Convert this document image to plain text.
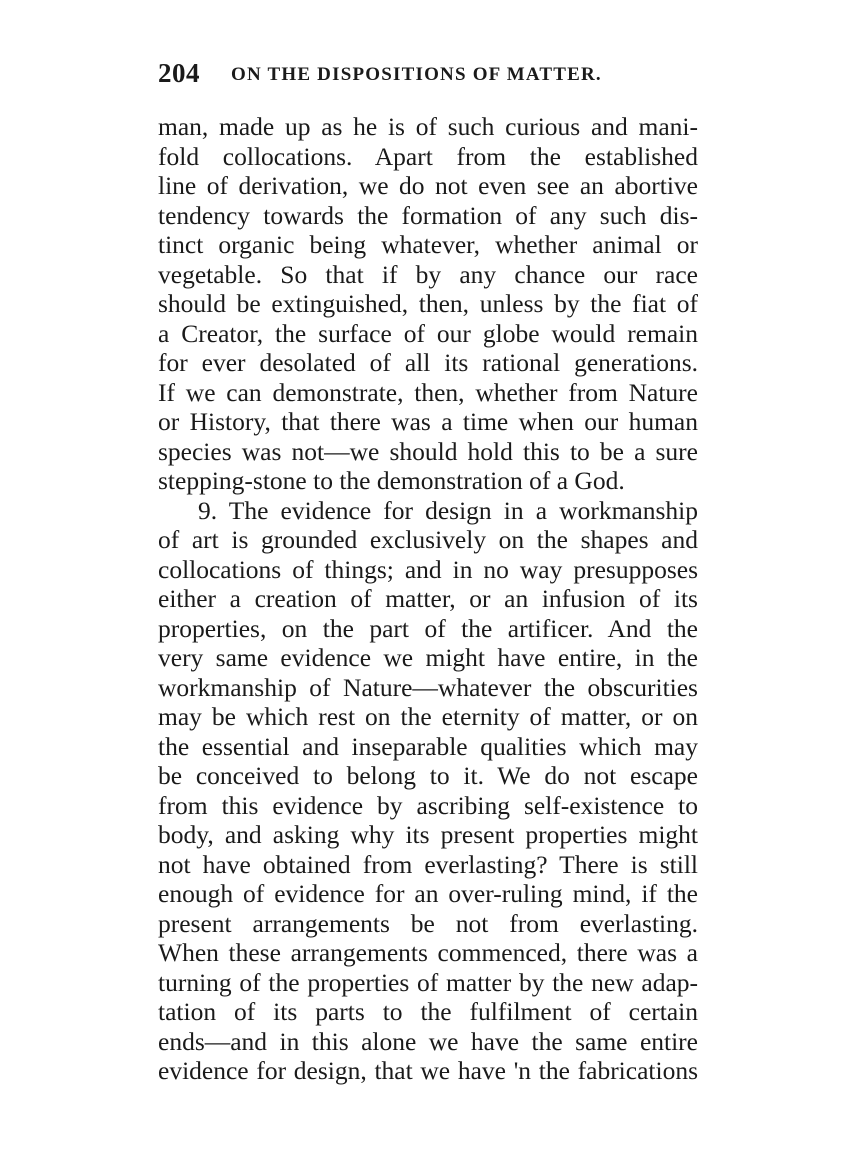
204 ON THE DISPOSITIONS OF MATTER.
man, made up as he is of such curious and mani-
fold collocations. Apart from the established
line of derivation, we do not even see an abortive
tendency towards the formation of any such dis-
tinct organic being whatever, whether animal or
vegetable. So that if by any chance our race
should be extinguished, then, unless by the fiat of
a Creator, the surface of our globe would remain
for ever desolated of all its rational generations.
If we can demonstrate, then, whether from Nature
or History, that there was a time when our human
species was not—we should hold this to be a sure
stepping-stone to the demonstration of a God.
9. The evidence for design in a workmanship
of art is grounded exclusively on the shapes and
collocations of things; and in no way presupposes
either a creation of matter, or an infusion of its
properties, on the part of the artificer. And the
very same evidence we might have entire, in the
workmanship of Nature—whatever the obscurities
may be which rest on the eternity of matter, or on
the essential and inseparable qualities which may
be conceived to belong to it. We do not escape
from this evidence by ascribing self-existence to
body, and asking why its present properties might
not have obtained from everlasting? There is still
enough of evidence for an over-ruling mind, if the
present arrangements be not from everlasting.
When these arrangements commenced, there was a
turning of the properties of matter by the new adap-
tation of its parts to the fulfilment of certain
ends—and in this alone we have the same entire
evidence for design, that we have 'n the fabrications
